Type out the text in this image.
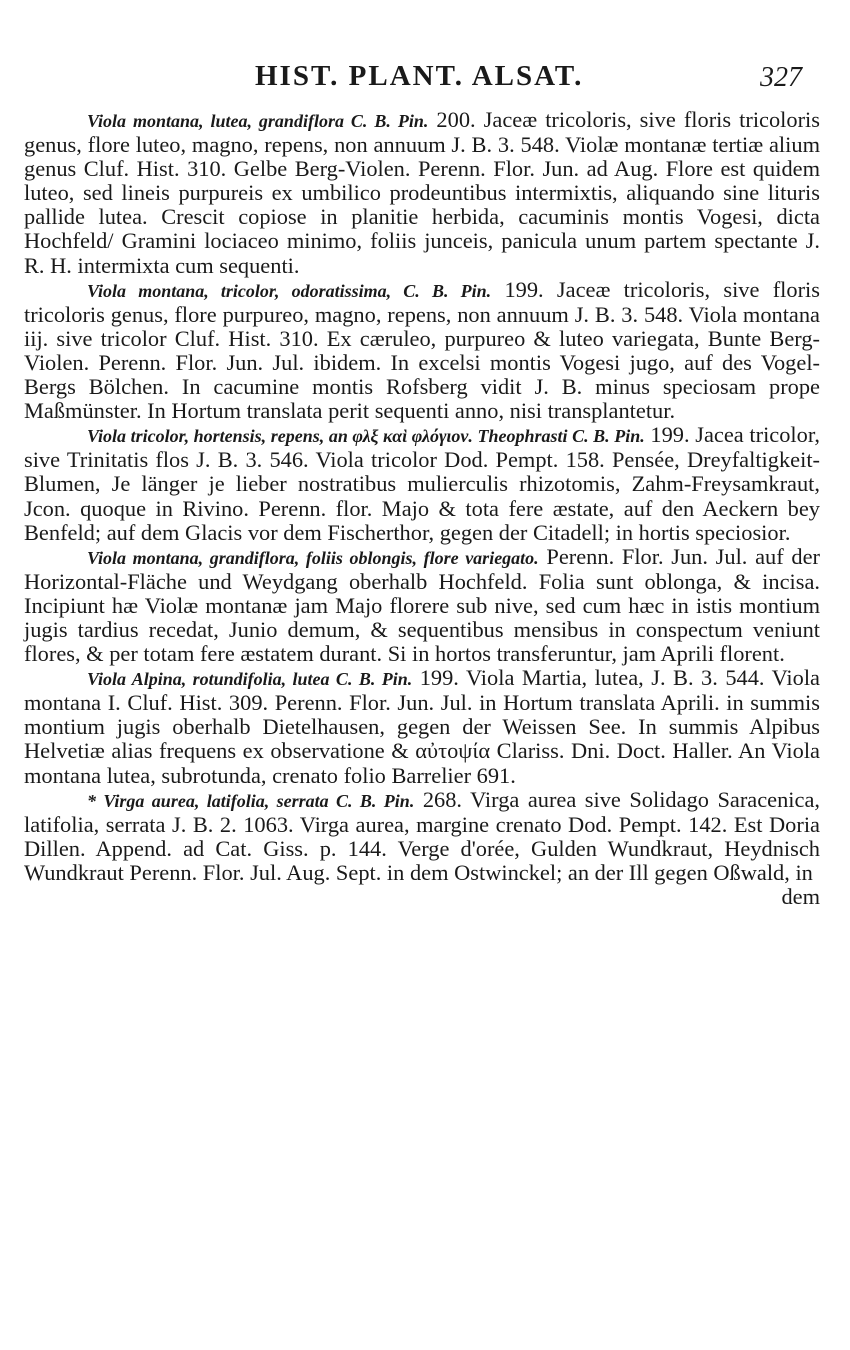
HIST. PLANT. ALSAT.	327

Viola montana, lutea, grandiflora C. B. Pin. 200. Jaceæ tricoloris, sive floris tricoloris genus, flore luteo, magno, repens, non annuum J. B. 3. 548. Violæ montanæ tertiæ alium genus Cluf. Hist. 310. Gelbe Berg-Violen. Perenn. Flor. Jun. ad Aug. Flore est quidem luteo, sed lineis purpureis ex umbilico prodeuntibus intermixtis, aliquando sine lituris pallide lutea. Crescit copiose in planitie herbida, cacuminis montis Vogesi, dicta Hochfeld/ Gramini lociaceo minimo, foliis junceis, panicula unum partem spectante J. R. H. intermixta cum sequenti.

Viola montana, tricolor, odoratissima, C. B. Pin. 199. Jaceæ tricoloris, sive floris tricoloris genus, flore purpureo, magno, repens, non annuum J. B. 3. 548. Viola montana iij. sive tricolor Cluf. Hist. 310. Ex cæruleo, purpureo & luteo variegata, Bunte Berg-Violen. Perenn. Flor. Jun. Jul. ibidem. In excelsi montis Vogesi jugo, auf des Vogel-Bergs Bölchen. In cacumine montis Rofsberg vidit J. B. minus speciosam prope Maßmünster. In Hortum translata perit sequenti anno, nisi transplantetur.

Viola tricolor, hortensis, repens, an φλξ καὶ φλόγιον. Theophrasti C. B. Pin. 199. Jacea tricolor, sive Trinitatis flos J. B. 3. 546. Viola tricolor Dod. Pempt. 158. Pensée, Dreyfaltigkeit-Blumen, Je länger je lieber nostratibus mulierculis rhizotomis, Zahm-Freysamkraut, Jcon. quoque in Rivino. Perenn. flor. Majo & tota fere æstate, auf den Aeckern bey Benfeld; auf dem Glacis vor dem Fischerthor, gegen der Citadell; in hortis speciosior.

Viola montana, grandiflora, foliis oblongis, flore variegato. Perenn. Flor. Jun. Jul. auf der Horizontal-Fläche und Weydgang oberhalb Hochfeld. Folia sunt oblonga, & incisa. Incipiunt hæ Violæ montanæ jam Majo florere sub nive, sed cum hæc in istis montium jugis tardius recedat, Junio demum, & sequentibus mensibus in conspectum veniunt flores, & per totam fere æstatem durant. Si in hortos transferuntur, jam Aprili florent.

Viola Alpina, rotundifolia, lutea C. B. Pin. 199. Viola Martia, lutea, J. B. 3. 544. Viola montana I. Cluf. Hist. 309. Perenn. Flor. Jun. Jul. in Hortum translata Aprili. in summis montium jugis oberhalb Dietelhausen, gegen der Weissen See. In summis Alpibus Helvetiæ alias frequens ex observatione & αὐτοψία Clariss. Dni. Doct. Haller. An Viola montana lutea, subrotunda, crenato folio Barrelier 691.

* Virga aurea, latifolia, serrata C. B. Pin. 268. Virga aurea sive Solidago Saracenica, latifolia, serrata J. B. 2. 1063. Virga aurea, margine crenato Dod. Pempt. 142. Est Doria Dillen. Append. ad Cat. Giss. p. 144. Verge d'orée, Gulden Wundkraut, Heydnisch Wundkraut Perenn. Flor. Jul. Aug. Sept. in dem Ostwinckel; an der Ill gegen Oßwald, in

dem
